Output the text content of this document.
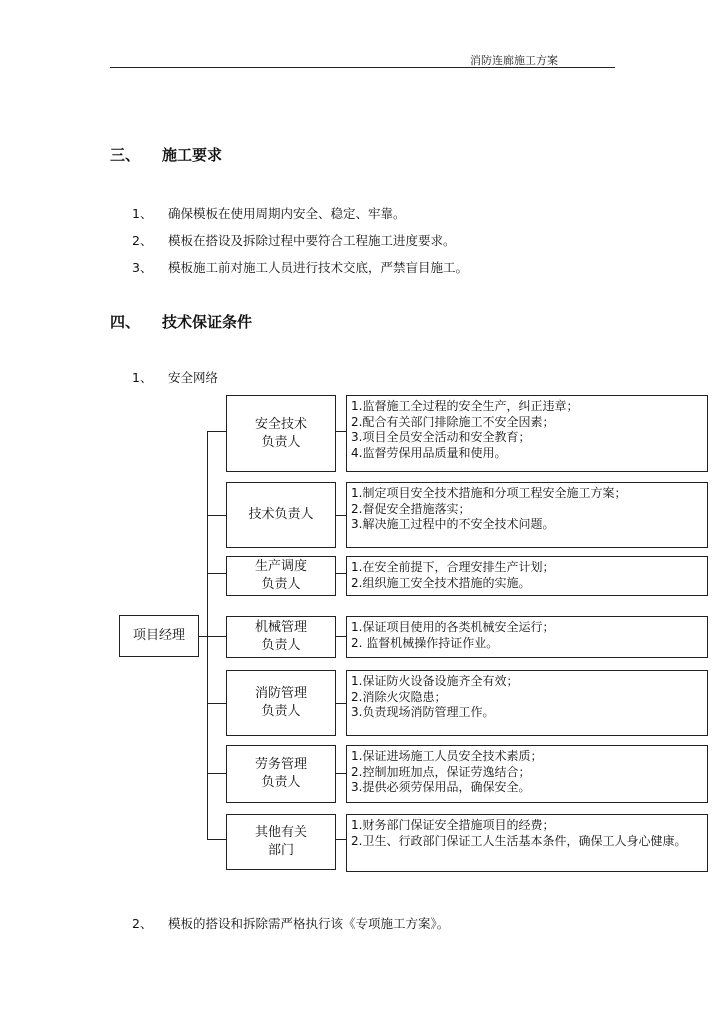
消防连廊施工方案
三、 施工要求
1、 确保模板在使用周期内安全、稳定、牢靠。
2、 模板在搭设及拆除过程中要符合工程施工进度要求。
3、 模板施工前对施工人员进行技术交底，严禁盲目施工。
四、 技术保证条件
1、 安全网络
项目经理
安全技术
负责人
1.监督施工全过程的安全生产，纠正违章；
2.配合有关部门排除施工不安全因素；
3.项目全员安全活动和安全教育；
4.监督劳保用品质量和使用。
技术负责人
1.制定项目安全技术措施和分项工程安全施工方案；
2.督促安全措施落实；
3.解决施工过程中的不安全技术问题。
生产调度
负责人
1.在安全前提下，合理安排生产计划；
2.组织施工安全技术措施的实施。
机械管理
负责人
1.保证项目使用的各类机械安全运行；
2. 监督机械操作持证作业。
消防管理
负责人
1.保证防火设备设施齐全有效；
2.消除火灾隐患；
3.负责现场消防管理工作。
劳务管理
负责人
1.保证进场施工人员安全技术素质；
2.控制加班加点，保证劳逸结合；
3.提供必须劳保用品，确保安全。
其他有关
部门
1.财务部门保证安全措施项目的经费；
2.卫生、行政部门保证工人生活基本条件，确保工人身心健康。
2、 模板的搭设和拆除需严格执行该《专项施工方案》。
